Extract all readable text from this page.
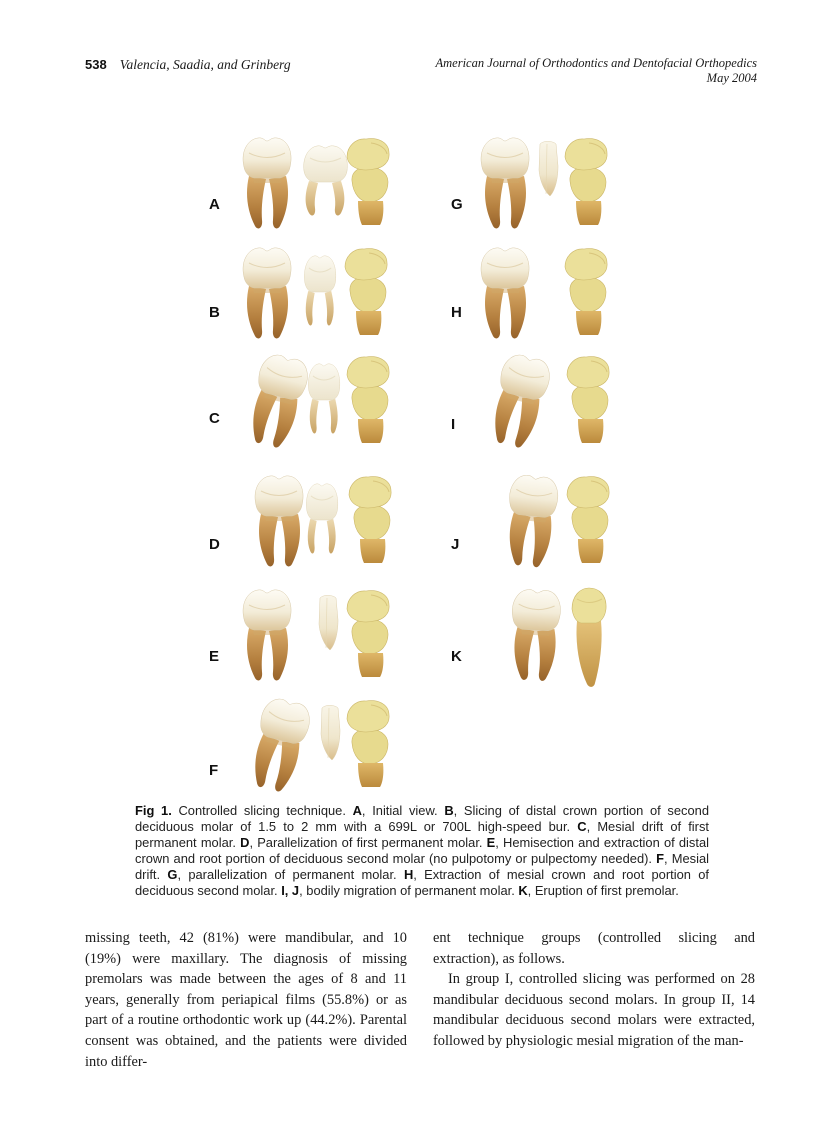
538 Valencia, Saadia, and Grinberg	American Journal of Orthodontics and Dentofacial Orthopedics
May 2004
A
B
C
D
E
F
G
H
I
J
K
Fig 1. Controlled slicing technique. A, Initial view. B, Slicing of distal crown portion of second deciduous molar of 1.5 to 2 mm with a 699L or 700L high-speed bur. C, Mesial drift of first permanent molar. D, Parallelization of first permanent molar. E, Hemisection and extraction of distal crown and root portion of deciduous second molar (no pulpotomy or pulpectomy needed). F, Mesial drift. G, parallelization of permanent molar. H, Extraction of mesial crown and root portion of deciduous second molar. I, J, bodily migration of permanent molar. K, Eruption of first premolar.

missing teeth, 42 (81%) were mandibular, and 10 (19%) were maxillary. The diagnosis of missing premolars was made between the ages of 8 and 11 years, generally from periapical films (55.8%) or as part of a routine orthodontic work up (44.2%). Parental consent was obtained, and the patients were divided into differ-

ent technique groups (controlled slicing and extraction), as follows.

In group I, controlled slicing was performed on 28 mandibular deciduous second molars. In group II, 14 mandibular deciduous second molars were extracted, followed by physiologic mesial migration of the man-
